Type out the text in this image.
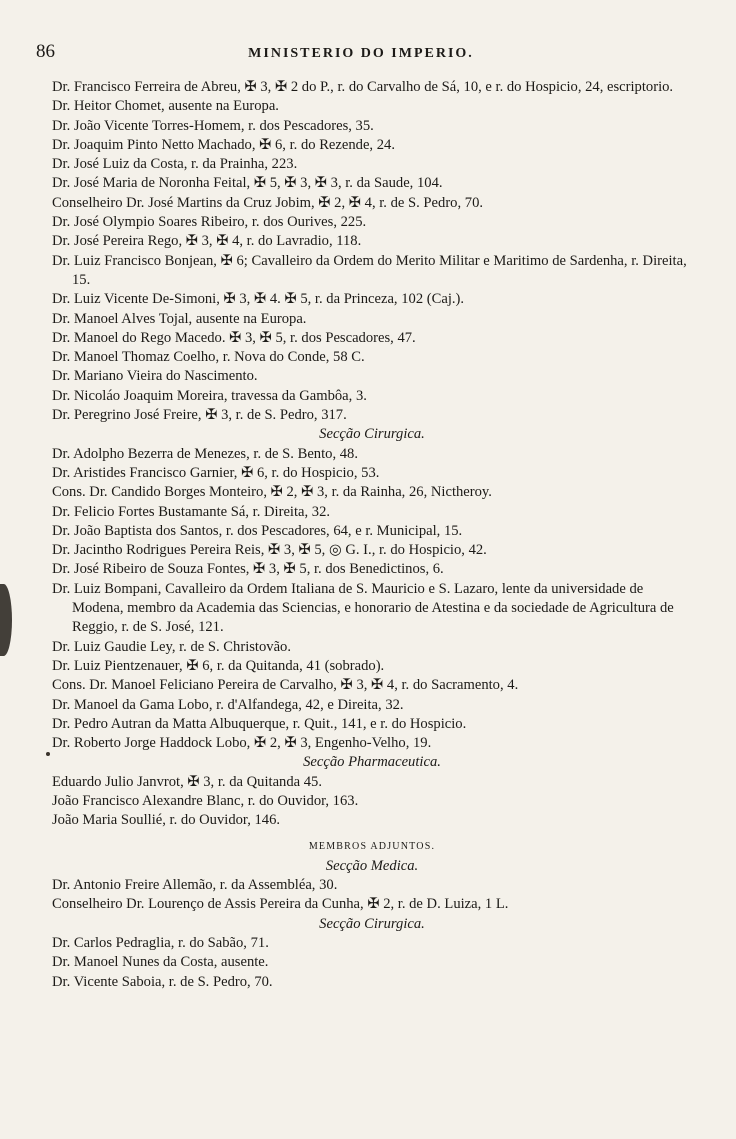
86	MINISTERIO DO IMPERIO.
Dr. Francisco Ferreira de Abreu, ✠ 3, ✠ 2 do P., r. do Carvalho de Sá, 10, e r. do Hospicio, 24, escriptorio.
Dr. Heitor Chomet, ausente na Europa.
Dr. João Vicente Torres-Homem, r. dos Pescadores, 35.
Dr. Joaquim Pinto Netto Machado, ✠ 6, r. do Rezende, 24.
Dr. José Luiz da Costa, r. da Prainha, 223.
Dr. José Maria de Noronha Feital, ✠ 5, ✠ 3, ✠ 3, r. da Saude, 104.
Conselheiro Dr. José Martins da Cruz Jobim, ✠ 2, ✠ 4, r. de S. Pedro, 70.
Dr. José Olympio Soares Ribeiro, r. dos Ourives, 225.
Dr. José Pereira Rego, ✠ 3, ✠ 4, r. do Lavradio, 118.
Dr. Luiz Francisco Bonjean, ✠ 6; Cavalleiro da Ordem do Merito Militar e Maritimo de Sardenha, r. Direita, 15.
Dr. Luiz Vicente De-Simoni, ✠ 3, ✠ 4. ✠ 5, r. da Princeza, 102 (Caj.).
Dr. Manoel Alves Tojal, ausente na Europa.
Dr. Manoel do Rego Macedo. ✠ 3, ✠ 5, r. dos Pescadores, 47.
Dr. Manoel Thomaz Coelho, r. Nova do Conde, 58 C.
Dr. Mariano Vieira do Nascimento.
Dr. Nicoláo Joaquim Moreira, travessa da Gambôa, 3.
Dr. Peregrino José Freire, ✠ 3, r. de S. Pedro, 317.
Secção Cirurgica.
Dr. Adolpho Bezerra de Menezes, r. de S. Bento, 48.
Dr. Aristides Francisco Garnier, ✠ 6, r. do Hospicio, 53.
Cons. Dr. Candido Borges Monteiro, ✠ 2, ✠ 3, r. da Rainha, 26, Nictheroy.
Dr. Felicio Fortes Bustamante Sá, r. Direita, 32.
Dr. João Baptista dos Santos, r. dos Pescadores, 64, e r. Municipal, 15.
Dr. Jacintho Rodrigues Pereira Reis, ✠ 3, ✠ 5, ◎ G. I., r. do Hospicio, 42.
Dr. José Ribeiro de Souza Fontes, ✠ 3, ✠ 5, r. dos Benedictinos, 6.
Dr. Luiz Bompani, Cavalleiro da Ordem Italiana de S. Mauricio e S. Lazaro, lente da universidade de Modena, membro da Academia das Sciencias, e honorario de Atestina e da sociedade de Agricultura de Reggio, r. de S. José, 121.
Dr. Luiz Gaudie Ley, r. de S. Christovão.
Dr. Luiz Pientzenauer, ✠ 6, r. da Quitanda, 41 (sobrado).
Cons. Dr. Manoel Feliciano Pereira de Carvalho, ✠ 3, ✠ 4, r. do Sacramento, 4.
Dr. Manoel da Gama Lobo, r. d'Alfandega, 42, e Direita, 32.
Dr. Pedro Autran da Matta Albuquerque, r. Quit., 141, e r. do Hospicio.
Dr. Roberto Jorge Haddock Lobo, ✠ 2, ✠ 3, Engenho-Velho, 19.
Secção Pharmaceutica.
Eduardo Julio Janvrot, ✠ 3, r. da Quitanda 45.
João Francisco Alexandre Blanc, r. do Ouvidor, 163.
João Maria Soullié, r. do Ouvidor, 146.
MEMBROS ADJUNTOS.
Secção Medica.
Dr. Antonio Freire Allemão, r. da Assembléa, 30.
Conselheiro Dr. Lourenço de Assis Pereira da Cunha, ✠ 2, r. de D. Luiza, 1 L.
Secção Cirurgica.
Dr. Carlos Pedraglia, r. do Sabão, 71.
Dr. Manoel Nunes da Costa, ausente.
Dr. Vicente Saboia, r. de S. Pedro, 70.
